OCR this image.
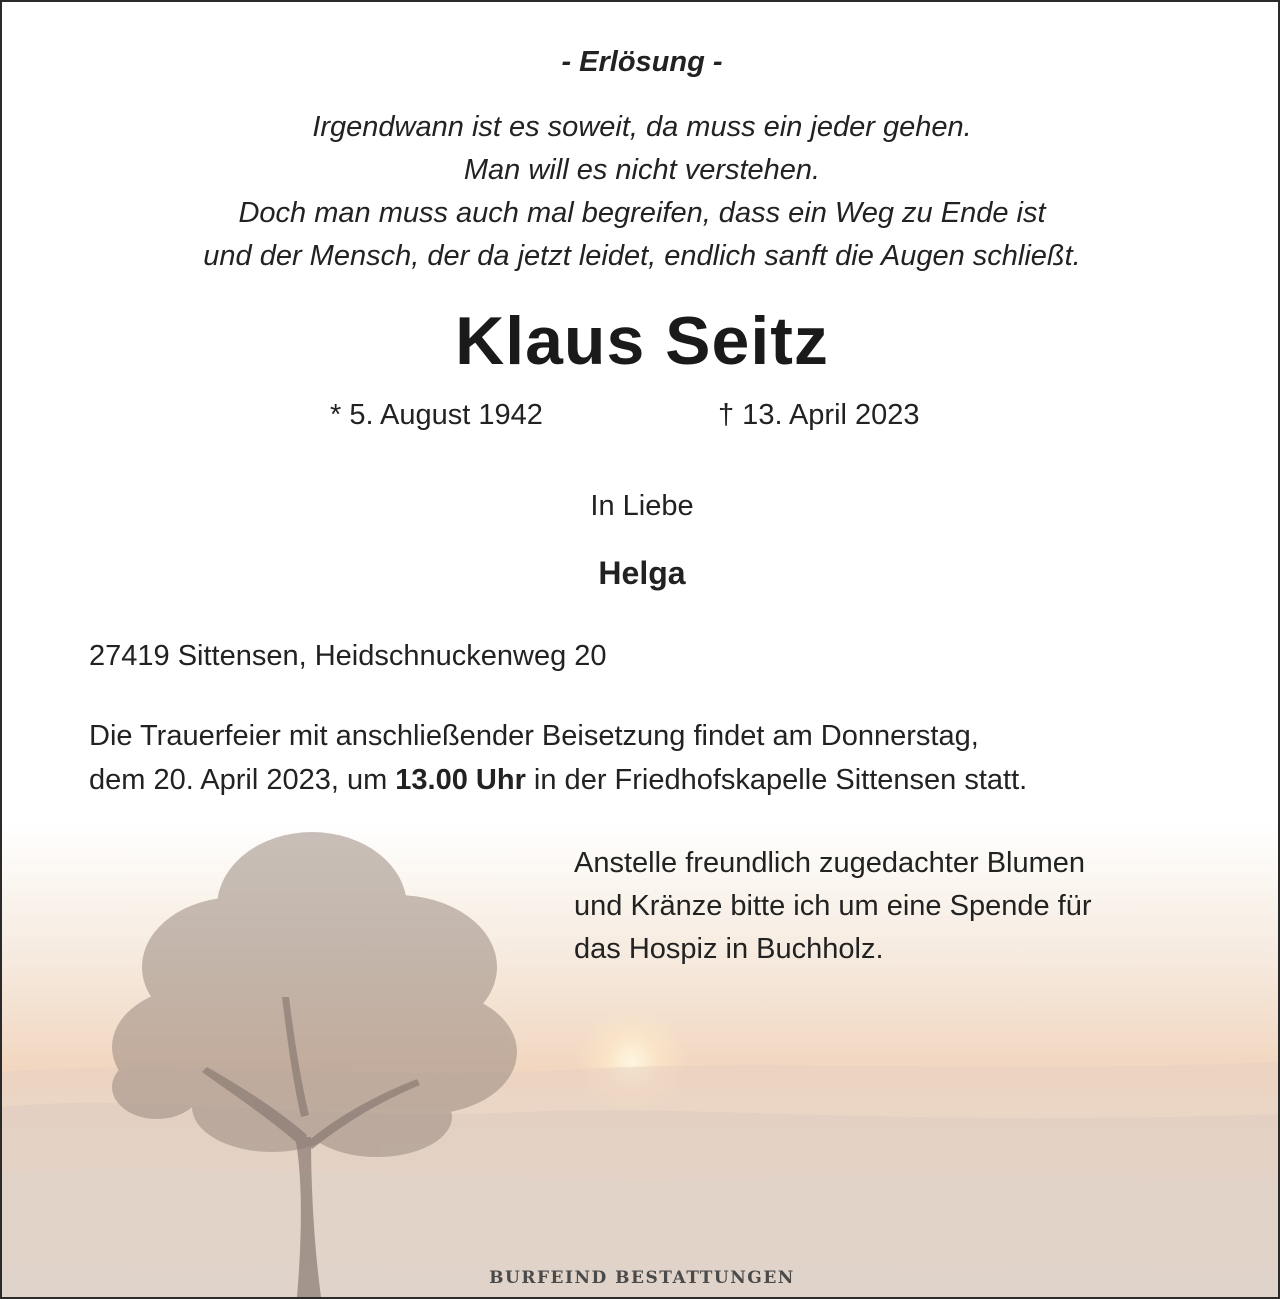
- Erlösung -
Irgendwann ist es soweit, da muss ein jeder gehen.
Man will es nicht verstehen.
Doch man muss auch mal begreifen, dass ein Weg zu Ende ist
und der Mensch, der da jetzt leidet, endlich sanft die Augen schließt.
Klaus Seitz
* 5. August 1942	† 13. April 2023
In Liebe
Helga
27419 Sittensen, Heidschnuckenweg 20
Die Trauerfeier mit anschließender Beisetzung findet am Donnerstag,
dem 20. April 2023, um 13.00 Uhr in der Friedhofskapelle Sittensen statt.
Anstelle freundlich zugedachter Blumen
und Kränze bitte ich um eine Spende für
das Hospiz in Buchholz.
BURFEIND BESTATTUNGEN
